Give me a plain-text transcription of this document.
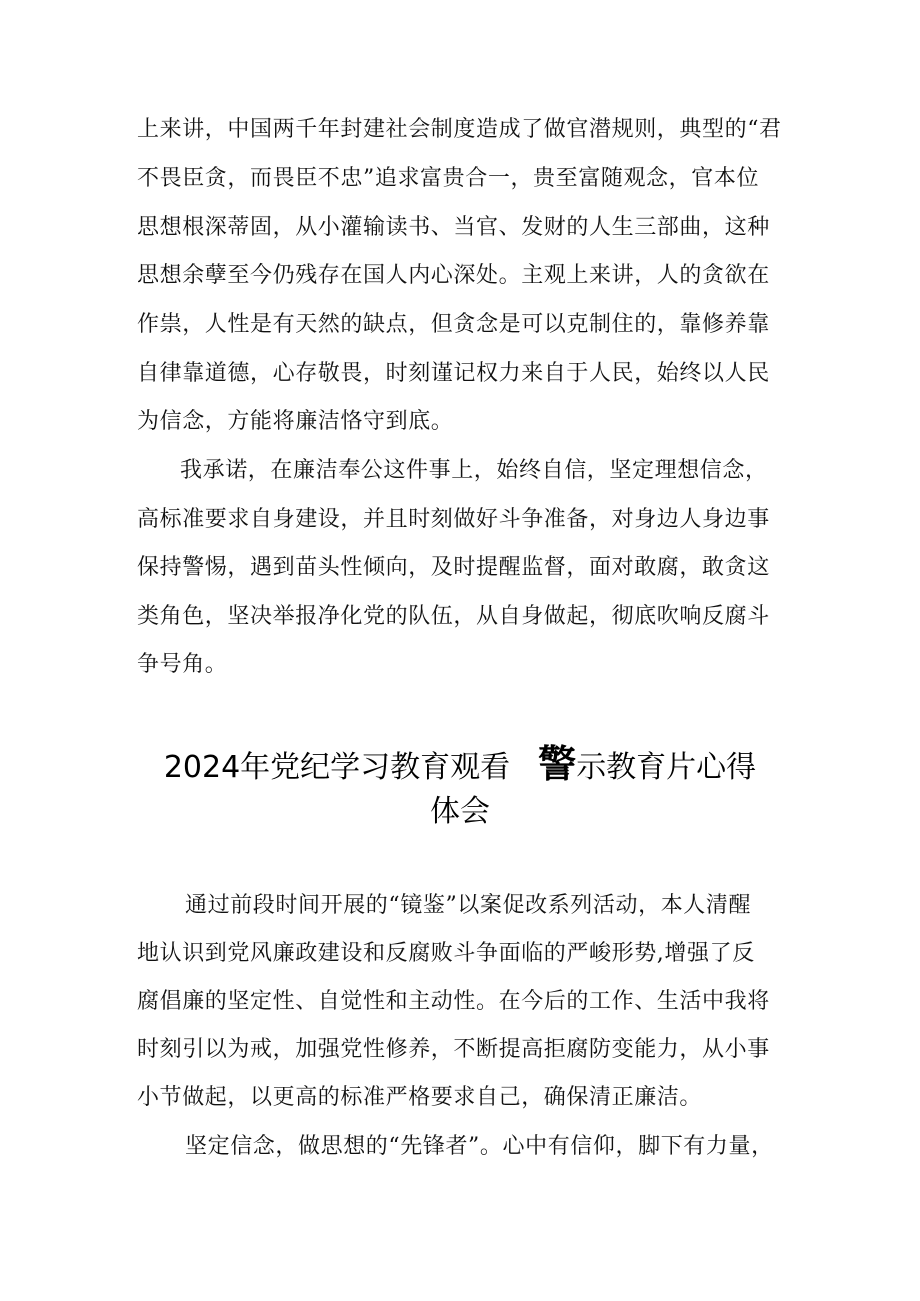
上来讲，中国两千年封建社会制度造成了做官潜规则，典型的“君
不畏臣贪，而畏臣不忠”追求富贵合一，贵至富随观念，官本位
思想根深蒂固，从小灌输读书、当官、发财的人生三部曲，这种
思想余孽至今仍残存在国人内心深处。主观上来讲，人的贪欲在
作祟，人性是有天然的缺点，但贪念是可以克制住的，靠修养靠
自律靠道德，心存敬畏，时刻谨记权力来自于人民，始终以人民
为信念，方能将廉洁恪守到底。
我承诺，在廉洁奉公这件事上，始终自信，坚定理想信念，
高标准要求自身建设，并且时刻做好斗争准备，对身边人身边事
保持警惕，遇到苗头性倾向，及时提醒监督，面对敢腐，敢贪这
类角色，坚决举报净化党的队伍，从自身做起，彻底吹响反腐斗
争号角。
2024年党纪学习教育观看 警示教育片心得
体会
通过前段时间开展的“镜鉴”以案促改系列活动，本人清醒
地认识到党风廉政建设和反腐败斗争面临的严峻形势,增强了反
腐倡廉的坚定性、自觉性和主动性。在今后的工作、生活中我将
时刻引以为戒，加强党性修养，不断提高拒腐防变能力，从小事
小节做起，以更高的标准严格要求自己，确保清正廉洁。
坚定信念，做思想的“先锋者”。心中有信仰，脚下有力量，
